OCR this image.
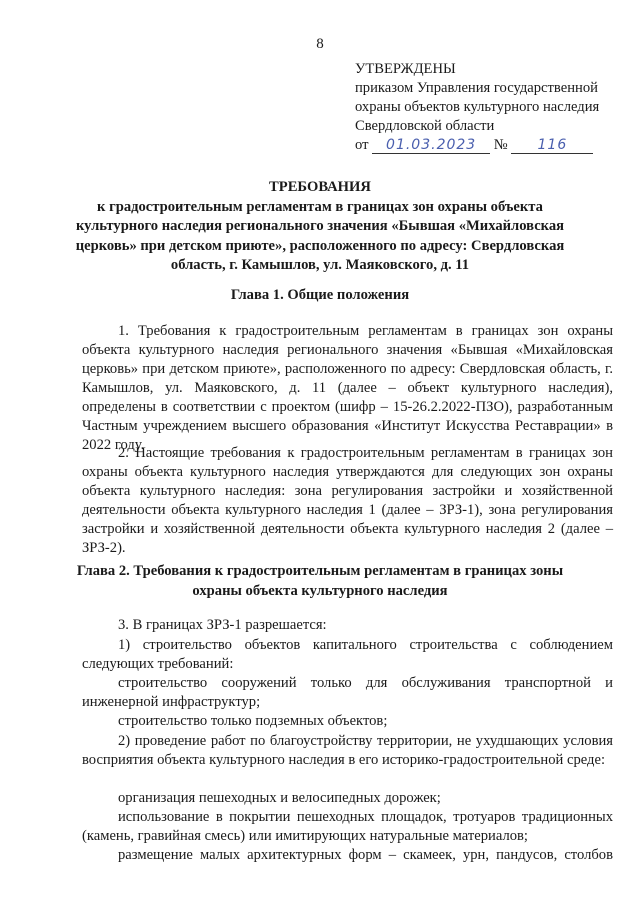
8
УТВЕРЖДЕНЫ
приказом Управления государственной
охраны объектов культурного наследия
Свердловской области
от 01.03.2023 № 116
ТРЕБОВАНИЯ
к градостроительным регламентам в границах зон охраны объекта культурного наследия регионального значения «Бывшая «Михайловская церковь» при детском приюте», расположенного по адресу: Свердловская область, г. Камышлов, ул. Маяковского, д. 11
Глава 1. Общие положения

1. Требования к градостроительным регламентам в границах зон охраны объекта культурного наследия регионального значения «Бывшая «Михайловская церковь» при детском приюте», расположенного по адресу: Свердловская область, г. Камышлов, ул. Маяковского, д. 11 (далее – объект культурного наследия), определены в соответствии с проектом (шифр – 15-26.2.2022-ПЗО), разработанным Частным учреждением высшего образования «Институт Искусства Реставрации» в 2022 году.

2. Настоящие требования к градостроительным регламентам в границах зон охраны объекта культурного наследия утверждаются для следующих зон охраны объекта культурного наследия: зона регулирования застройки и хозяйственной деятельности объекта культурного наследия 1 (далее – ЗРЗ-1), зона регулирования застройки и хозяйственной деятельности объекта культурного наследия 2 (далее – ЗРЗ-2).

Глава 2. Требования к градостроительным регламентам в границах зоны охраны объекта культурного наследия

3. В границах ЗРЗ-1 разрешается:

1) строительство объектов капитального строительства с соблюдением следующих требований:

строительство сооружений только для обслуживания транспортной и инженерной инфраструктур;

строительство только подземных объектов;

2) проведение работ по благоустройству территории, не ухудшающих условия восприятия объекта культурного наследия в его историко-градостроительной среде:

организация пешеходных и велосипедных дорожек;

использование в покрытии пешеходных площадок, тротуаров традиционных (камень, гравийная смесь) или имитирующих натуральные материалов;

размещение малых архитектурных форм – скамеек, урн, пандусов, столбов
